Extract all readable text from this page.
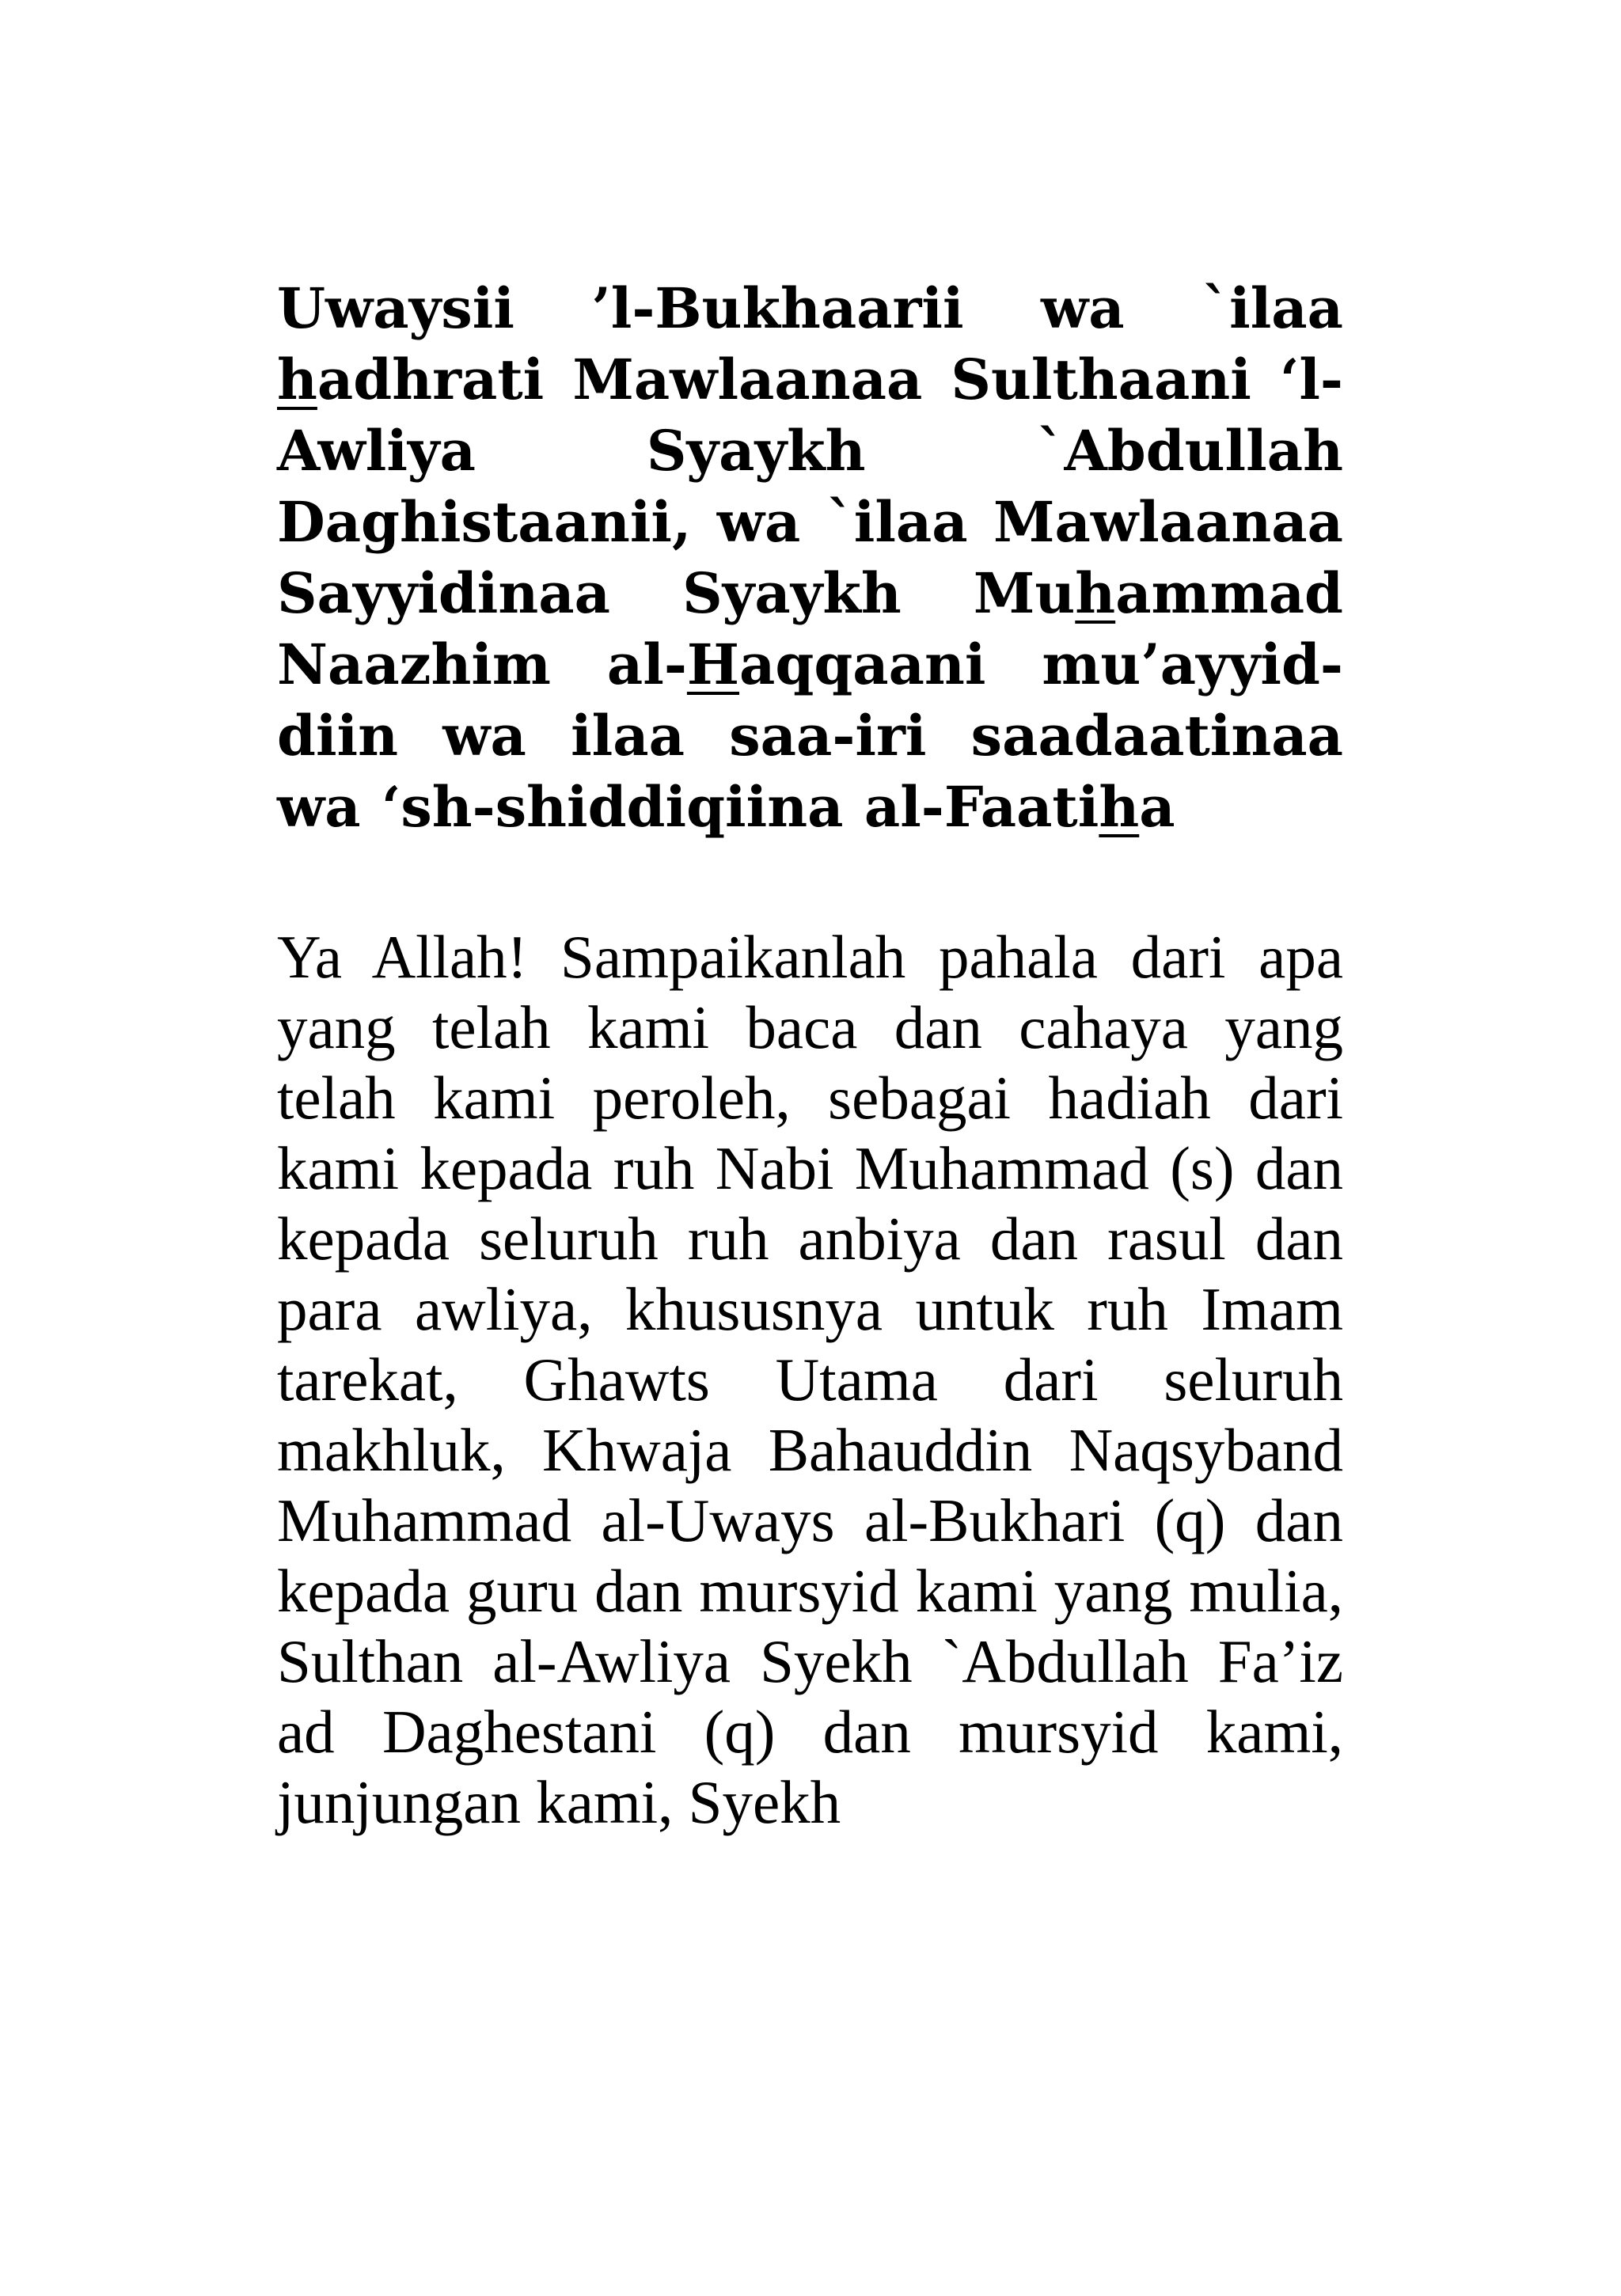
Uwaysii ’l-Bukhaarii wa `ilaa hadhrati Mawlaanaa Sulthaani ‘l-Awliya Syaykh `Abdullah Daghistaanii, wa `ilaa Mawlaanaa Sayyidinaa Syaykh Muhammad Naazhim al-Haqqaani mu’ayyid-diin wa ilaa saa-iri saadaatinaa wa ‘sh-shiddiqiina al-Faatiha

Ya Allah! Sampaikanlah pahala dari apa yang telah kami baca dan cahaya yang telah kami peroleh, sebagai hadiah dari kami kepada ruh Nabi Muhammad (s) dan kepada seluruh ruh anbiya dan rasul dan para awliya, khususnya untuk ruh Imam tarekat, Ghawts Utama dari seluruh makhluk, Khwaja Bahauddin Naqsyband Muhammad al-Uways al-Bukhari (q) dan kepada guru dan mursyid kami yang mulia, Sulthan al-Awliya Syekh `Abdullah Fa’iz ad Daghestani (q) dan mursyid kami, junjungan kami, Syekh
